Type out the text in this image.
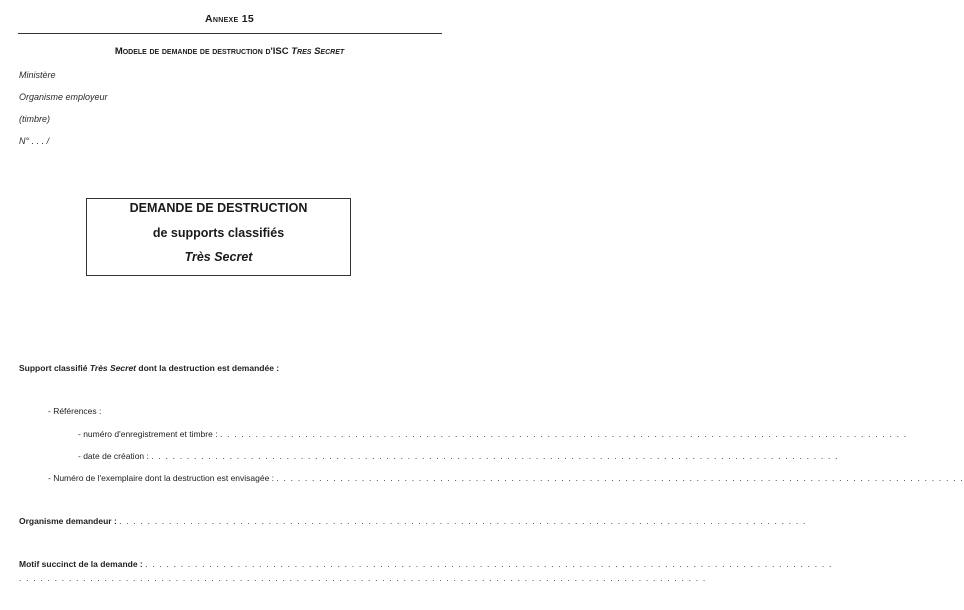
Annexe 15
Modele de demande de destruction d'ISC Tres Secret
Ministère
Organisme employeur
(timbre)
N° . . . /
DEMANDE DE DESTRUCTION
de supports classifiés
Très Secret
Support classifié Très Secret dont la destruction est demandée :
- Références :
- numéro d'enregistrement et timbre : . . . . . . . . . . . . . . . . . . . . . . . . . . . . . . . . . . . . . . . . . . . . . . . . . . . . . . . . . . . . . . . . . . . . . . . . . . . . . . . . . . . . . . . . . . . . . . . . .
- date de création : . . . . . . . . . . . . . . . . . . . . . . . . . . . . . . . . . . . . . . . . . . . . . . . . . . . . . . . . . . . . . . . . . . . . . . . . . . . . . . . . . . . . . . . . . . . . . . . . .
- Numéro de l'exemplaire dont la destruction est envisagée : . . . . . . . . . . . . . . . . . . . . . . . . . . . . . . . . . . . . . . . . . . . . . . . . . . . . . . . . . . . . . . . . . . . . . . . . . . . . . . . . . . . . . . . . . . . . . . . . .
Organisme demandeur : . . . . . . . . . . . . . . . . . . . . . . . . . . . . . . . . . . . . . . . . . . . . . . . . . . . . . . . . . . . . . . . . . . . . . . . . . . . . . . . . . . . . . . . . . . . . . . . . .
Motif succinct de la demande : . . . . . . . . . . . . . . . . . . . . . . . . . . . . . . . . . . . . . . . . . . . . . . . . . . . . . . . . . . . . . . . . . . . . . . . . . . . . . . . . . . . . . . . . . . . . . . . . .
. . . . . . . . . . . . . . . . . . . . . . . . . . . . . . . . . . . . . . . . . . . . . . . . . . . . . . . . . . . . . . . . . . . . . . . . . . . . . . . . . . . . . . . . . . . . . . . . .
